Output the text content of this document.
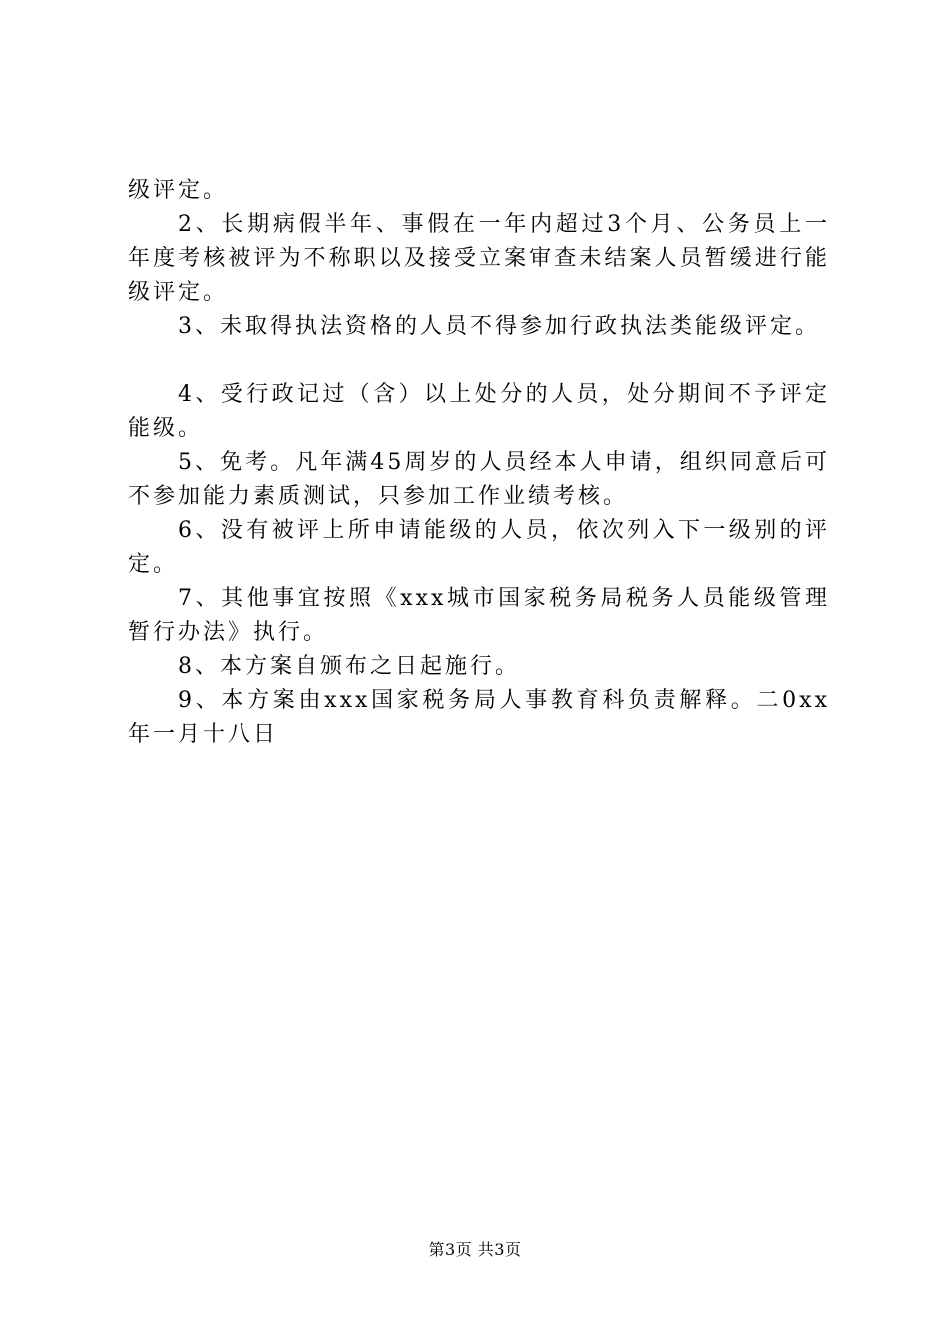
级评定。

2、长期病假半年、事假在一年内超过3个月、公务员上一年度考核被评为不称职以及接受立案审查未结案人员暂缓进行能级评定。

3、未取得执法资格的人员不得参加行政执法类能级评定。

4、受行政记过（含）以上处分的人员，处分期间不予评定能级。

5、免考。凡年满45周岁的人员经本人申请，组织同意后可不参加能力素质测试，只参加工作业绩考核。

6、没有被评上所申请能级的人员，依次列入下一级别的评定。

7、其他事宜按照《xxx城市国家税务局税务人员能级管理暂行办法》执行。

8、本方案自颁布之日起施行。

9、本方案由xxx国家税务局人事教育科负责解释。二0xx年一月十八日

第3页 共3页
